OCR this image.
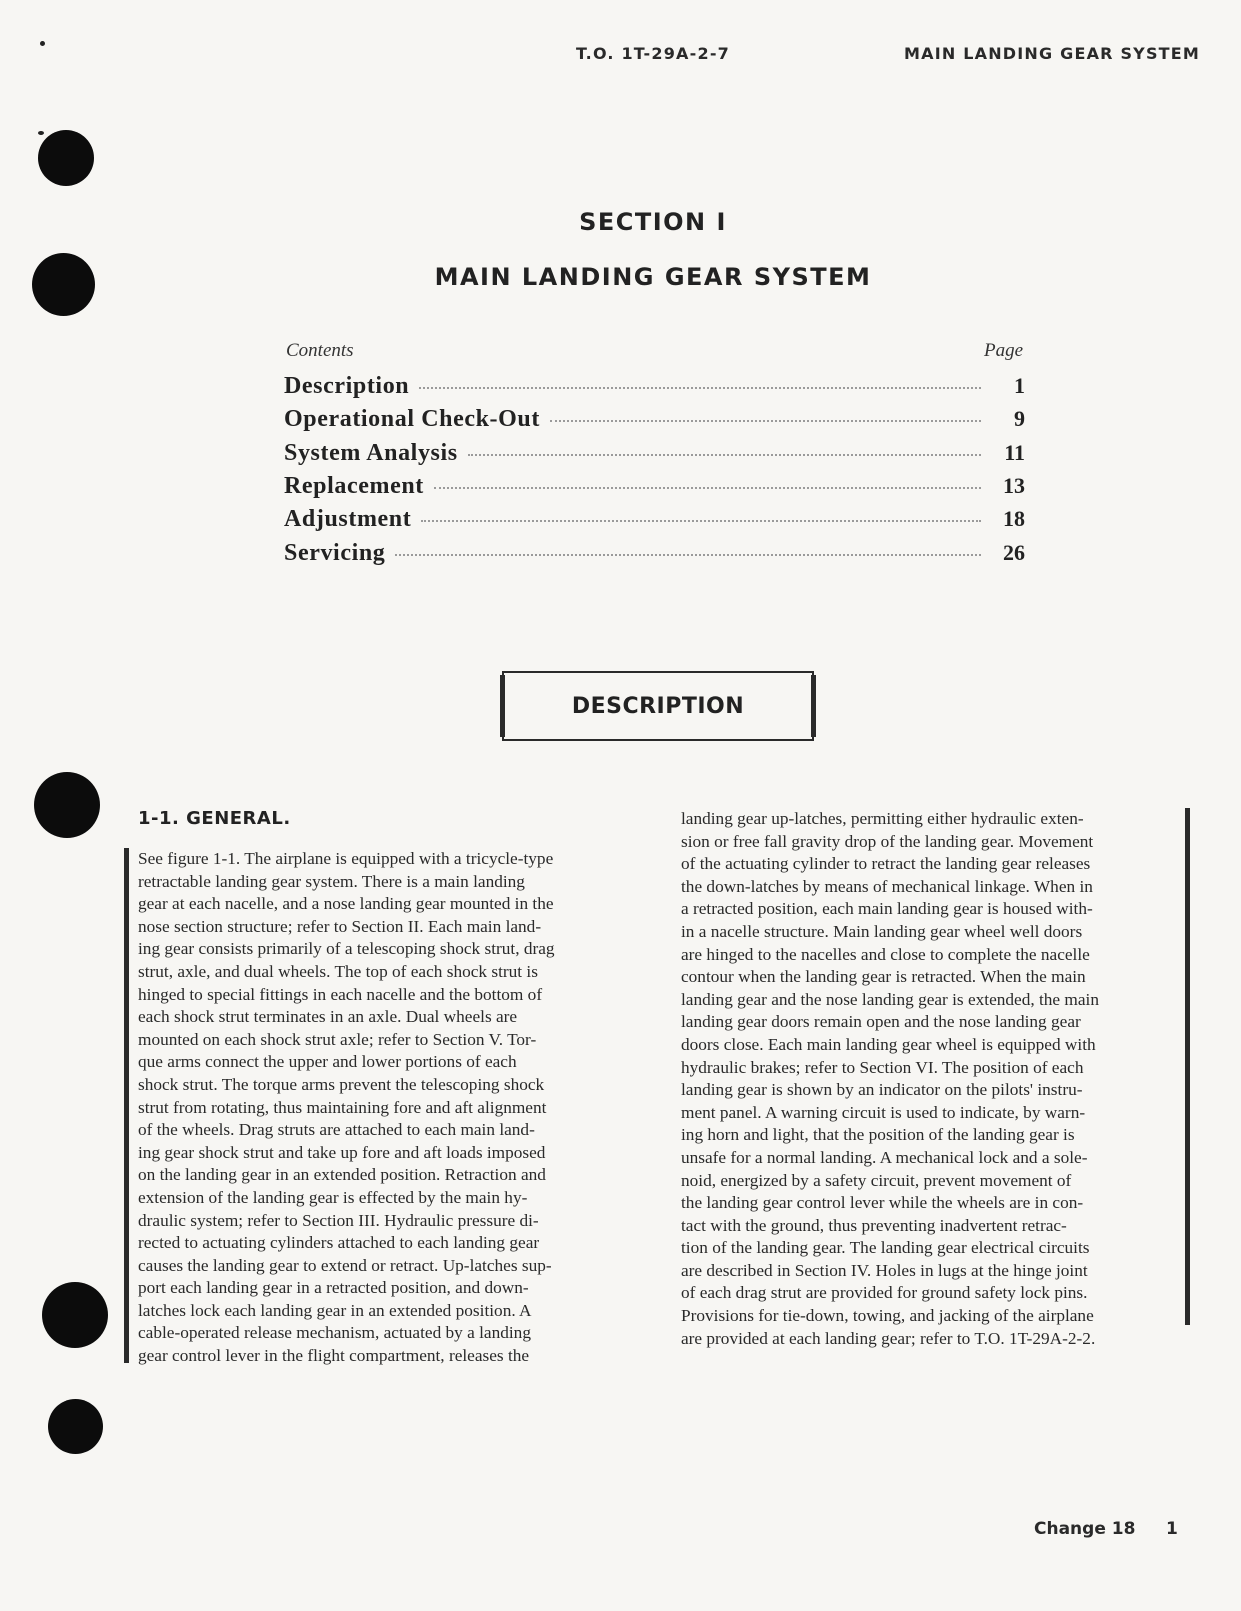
T.O. 1T-29A-2-7	MAIN LANDING GEAR SYSTEM
SECTION I
MAIN LANDING GEAR SYSTEM
Contents	Page
Description	1
Operational Check-Out	9
System Analysis	11
Replacement	13
Adjustment	18
Servicing	26
DESCRIPTION
1-1. GENERAL.
See figure 1-1. The airplane is equipped with a tricycle-type
retractable landing gear system. There is a main landing
gear at each nacelle, and a nose landing gear mounted in the
nose section structure; refer to Section II. Each main land-
ing gear consists primarily of a telescoping shock strut, drag
strut, axle, and dual wheels. The top of each shock strut is
hinged to special fittings in each nacelle and the bottom of
each shock strut terminates in an axle. Dual wheels are
mounted on each shock strut axle; refer to Section V. Tor-
que arms connect the upper and lower portions of each
shock strut. The torque arms prevent the telescoping shock
strut from rotating, thus maintaining fore and aft alignment
of the wheels. Drag struts are attached to each main land-
ing gear shock strut and take up fore and aft loads imposed
on the landing gear in an extended position. Retraction and
extension of the landing gear is effected by the main hy-
draulic system; refer to Section III. Hydraulic pressure di-
rected to actuating cylinders attached to each landing gear
causes the landing gear to extend or retract. Up-latches sup-
port each landing gear in a retracted position, and down-
latches lock each landing gear in an extended position. A
cable-operated release mechanism, actuated by a landing
gear control lever in the flight compartment, releases the
landing gear up-latches, permitting either hydraulic exten-
sion or free fall gravity drop of the landing gear. Movement
of the actuating cylinder to retract the landing gear releases
the down-latches by means of mechanical linkage. When in
a retracted position, each main landing gear is housed with-
in a nacelle structure. Main landing gear wheel well doors
are hinged to the nacelles and close to complete the nacelle
contour when the landing gear is retracted. When the main
landing gear and the nose landing gear is extended, the main
landing gear doors remain open and the nose landing gear
doors close. Each main landing gear wheel is equipped with
hydraulic brakes; refer to Section VI. The position of each
landing gear is shown by an indicator on the pilots' instru-
ment panel. A warning circuit is used to indicate, by warn-
ing horn and light, that the position of the landing gear is
unsafe for a normal landing. A mechanical lock and a sole-
noid, energized by a safety circuit, prevent movement of
the landing gear control lever while the wheels are in con-
tact with the ground, thus preventing inadvertent retrac-
tion of the landing gear. The landing gear electrical circuits
are described in Section IV. Holes in lugs at the hinge joint
of each drag strut are provided for ground safety lock pins.
Provisions for tie-down, towing, and jacking of the airplane
are provided at each landing gear; refer to T.O. 1T-29A-2-2.
Change 18 1
